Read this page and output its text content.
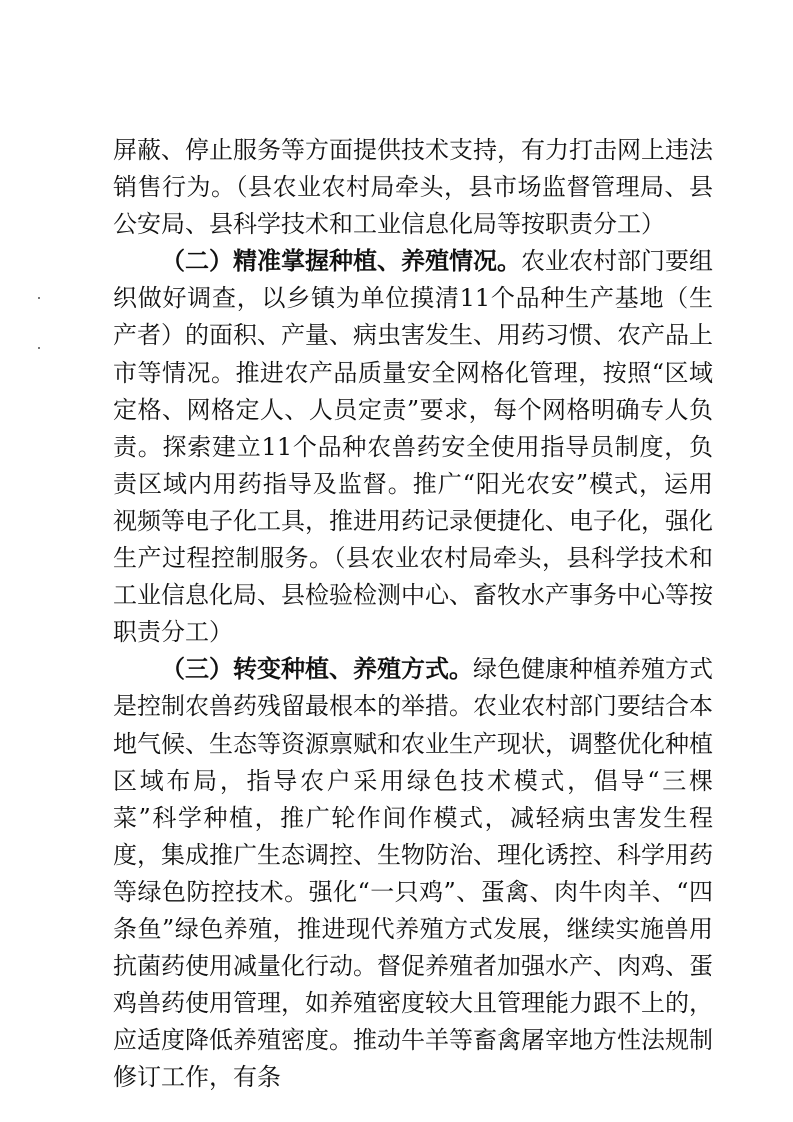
屏蔽、停止服务等方面提供技术支持，有力打击网上违法销售行为。（县农业农村局牵头，县市场监督管理局、县公安局、县科学技术和工业信息化局等按职责分工）

（二）精准掌握种植、养殖情况。农业农村部门要组织做好调查，以乡镇为单位摸清11个品种生产基地（生产者）的面积、产量、病虫害发生、用药习惯、农产品上市等情况。推进农产品质量安全网格化管理，按照“区域定格、网格定人、人员定责”要求，每个网格明确专人负责。探索建立11个品种农兽药安全使用指导员制度，负责区域内用药指导及监督。推广“阳光农安”模式，运用视频等电子化工具，推进用药记录便捷化、电子化，强化生产过程控制服务。（县农业农村局牵头，县科学技术和工业信息化局、县检验检测中心、畜牧水产事务中心等按职责分工）

（三）转变种植、养殖方式。绿色健康种植养殖方式是控制农兽药残留最根本的举措。农业农村部门要结合本地气候、生态等资源禀赋和农业生产现状，调整优化种植区域布局，指导农户采用绿色技术模式，倡导“三棵菜”科学种植，推广轮作间作模式，减轻病虫害发生程度，集成推广生态调控、生物防治、理化诱控、科学用药等绿色防控技术。强化“一只鸡”、蛋禽、肉牛肉羊、“四条鱼”绿色养殖，推进现代养殖方式发展，继续实施兽用抗菌药使用减量化行动。督促养殖者加强水产、肉鸡、蛋鸡兽药使用管理，如养殖密度较大且管理能力跟不上的，应适度降低养殖密度。推动牛羊等畜禽屠宰地方性法规制修订工作，有条
